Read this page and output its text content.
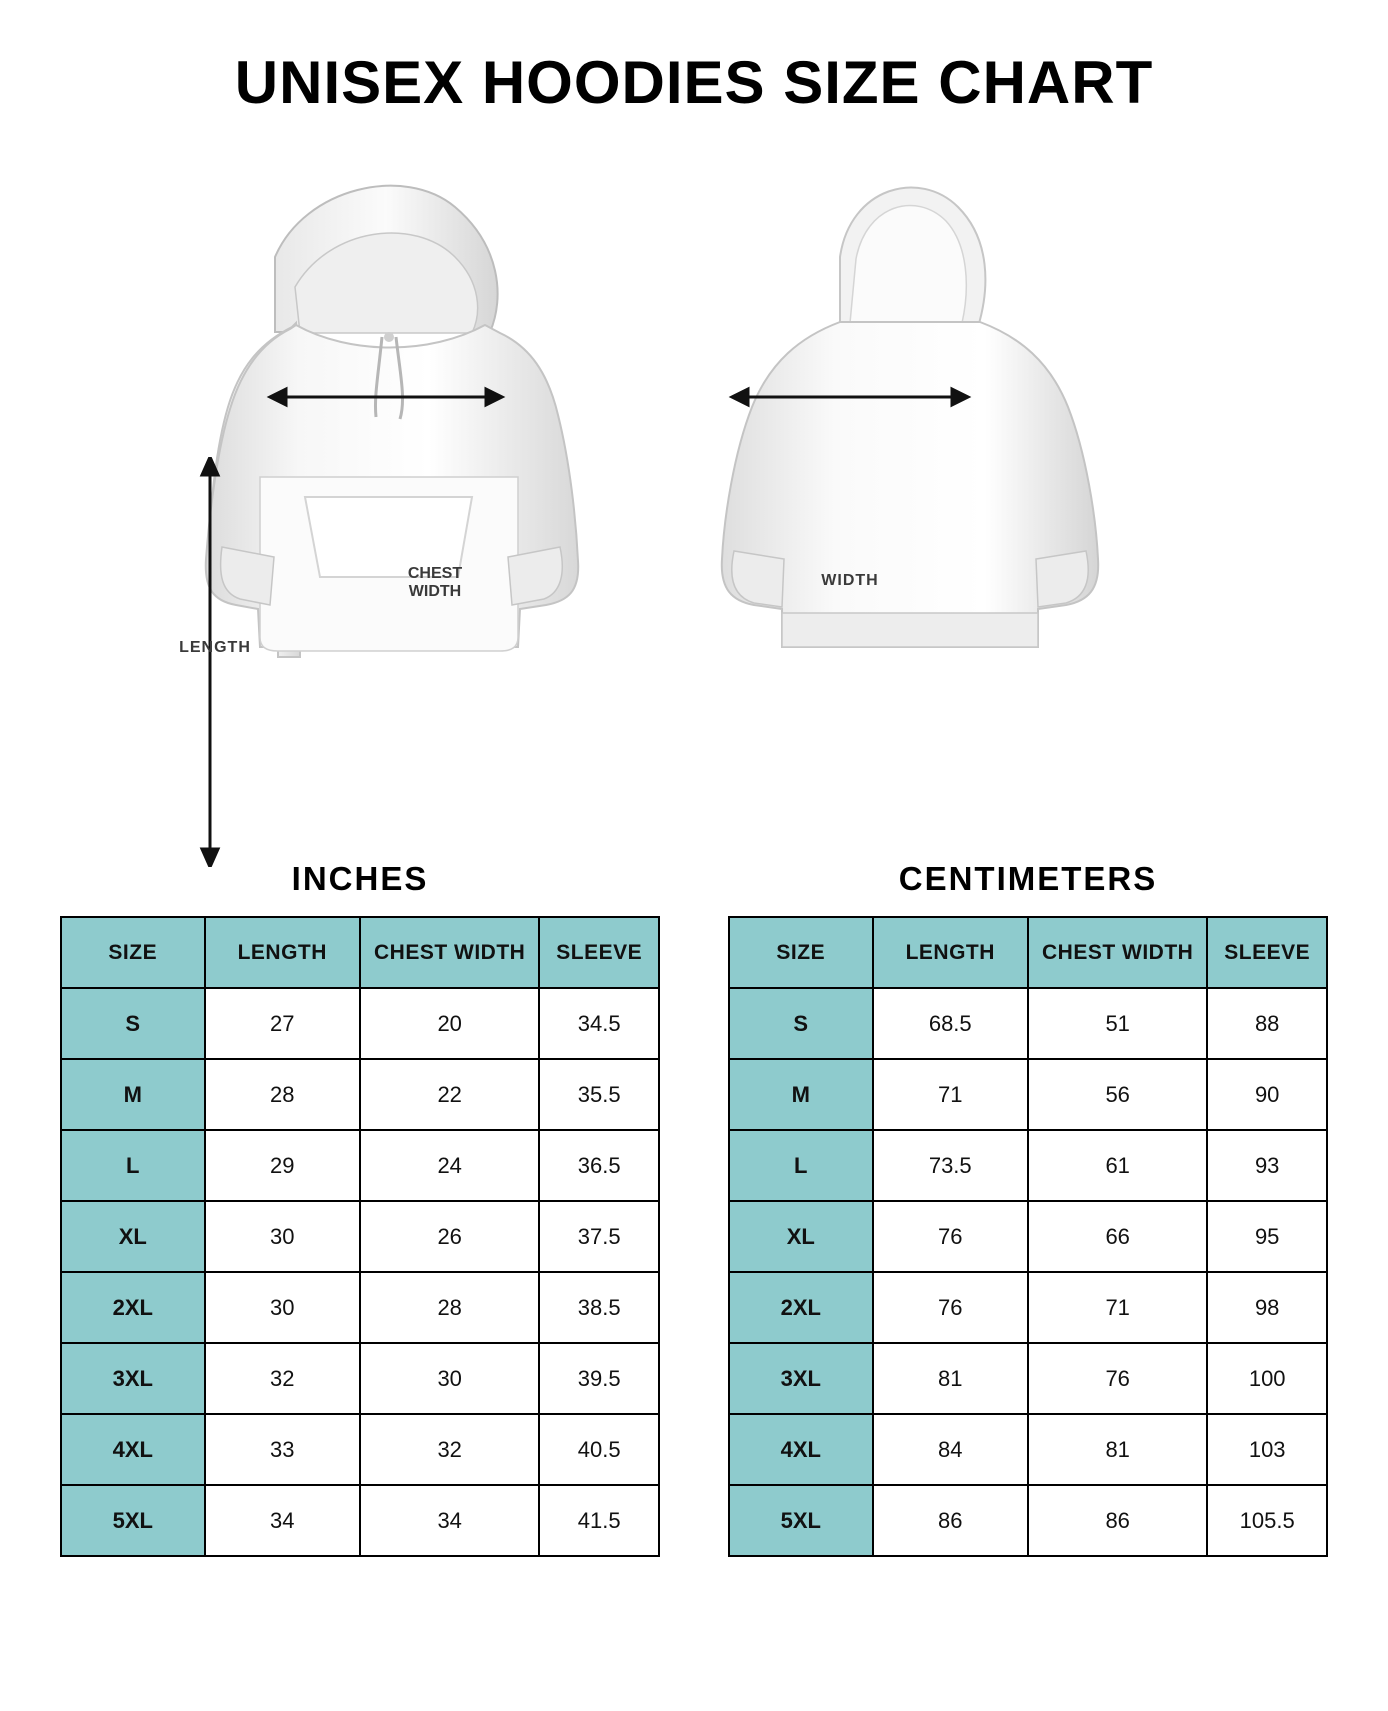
UNISEX HOODIES SIZE CHART
LENGTH
CHEST
WIDTH
WIDTH
INCHES
SIZE	LENGTH	CHEST WIDTH	SLEEVE
S	27	20	34.5
M	28	22	35.5
L	29	24	36.5
XL	30	26	37.5
2XL	30	28	38.5
3XL	32	30	39.5
4XL	33	32	40.5
5XL	34	34	41.5
CENTIMETERS
SIZE	LENGTH	CHEST WIDTH	SLEEVE
S	68.5	51	88
M	71	56	90
L	73.5	61	93
XL	76	66	95
2XL	76	71	98
3XL	81	76	100
4XL	84	81	103
5XL	86	86	105.5
